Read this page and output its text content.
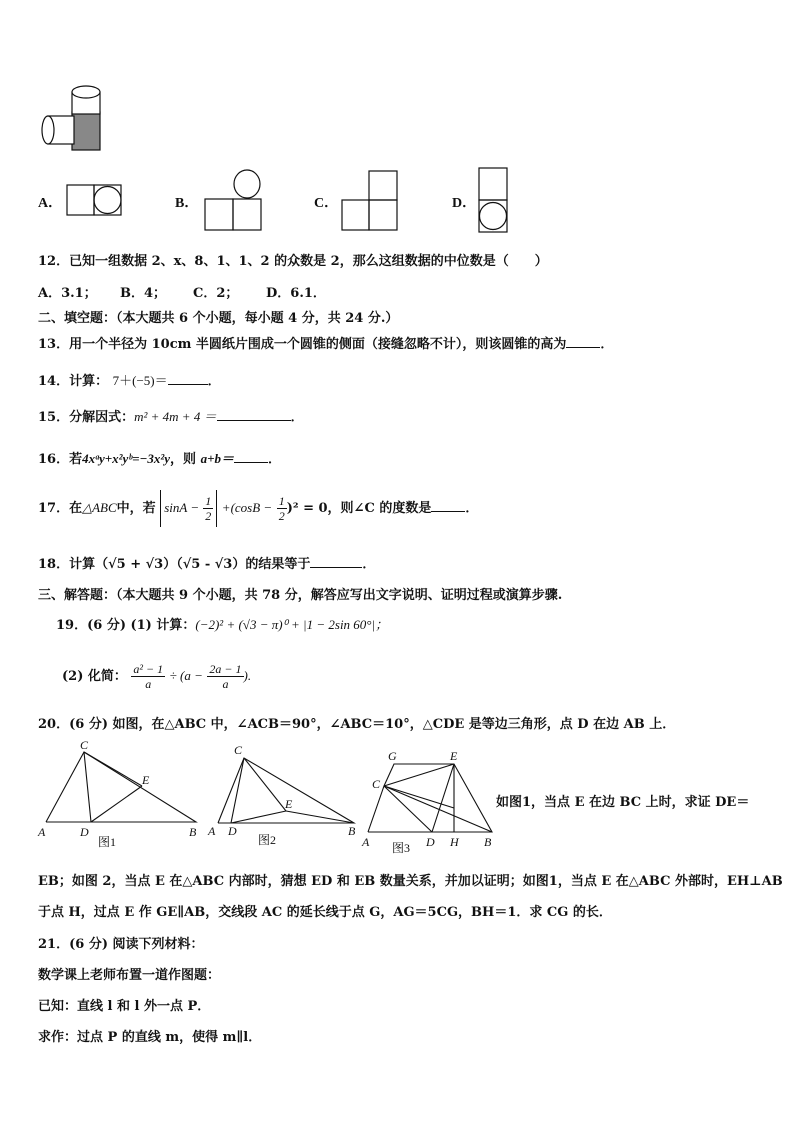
A．	B．	C．	D．
12．已知一组数据 2、x、8、1、1、2 的众数是 2，那么这组数据的中位数是（　　）
A．3.1； B．4； C．2； D．6.1．
二、填空题：（本大题共 6 个小题，每小题 4 分，共 24 分.）
13．用一个半径为 10cm 半圆纸片围成一个圆锥的侧面（接缝忽略不计），则该圆锥的高为	．
14．计算： 7＋(−5)＝	．
15．分解因式：m² + 4m + 4 ＝	．
16．若4xᵃy+x²yᵇ=−3x²y，则 a+b＝	．
17．在△ABC中，若 $\sin A - \frac{1}{2} +(\cos B - \frac{1}{2} )^2 = 0$，则∠C 的度数是	．
18．计算（√5 + √3）（√5 - √3）的结果等于	．
三、解答题：（本大题共 9 个小题，共 78 分，解答应写出文字说明、证明过程或演算步骤.
19．(6 分) (1) 计算：(−2)² + (√3 − π)⁰ + |1 − 2sin 60°|；
(2) 化简： $\frac{\text{a² − 1}}{a} \div (a - \frac{2a - 1}{a}$ ).
20．(6 分) 如图，在△ABC 中，∠ACB＝90°，∠ABC＝10°，△CDE 是等边三角形，点 D 在边 AB 上．
C
E
A	D	B
图1
C
E
A D	B
图2
G	E
C
A	D H B
图3
如图1，当点 E 在边 BC 上时，求证 DE＝
EB；如图 2，当点 E 在△ABC 内部时，猜想 ED 和 EB 数量关系，并加以证明；如图1，当点 E 在△ABC 外部时，EH⊥AB
于点 H，过点 E 作 GE∥AB，交线段 AC 的延长线于点 G，AG＝5CG，BH＝1．求 CG 的长．
21．(6 分) 阅读下列材料：
数学课上老师布置一道作图题：
已知：直线 l 和 l 外一点 P．
求作：过点 P 的直线 m，使得 m∥l．
